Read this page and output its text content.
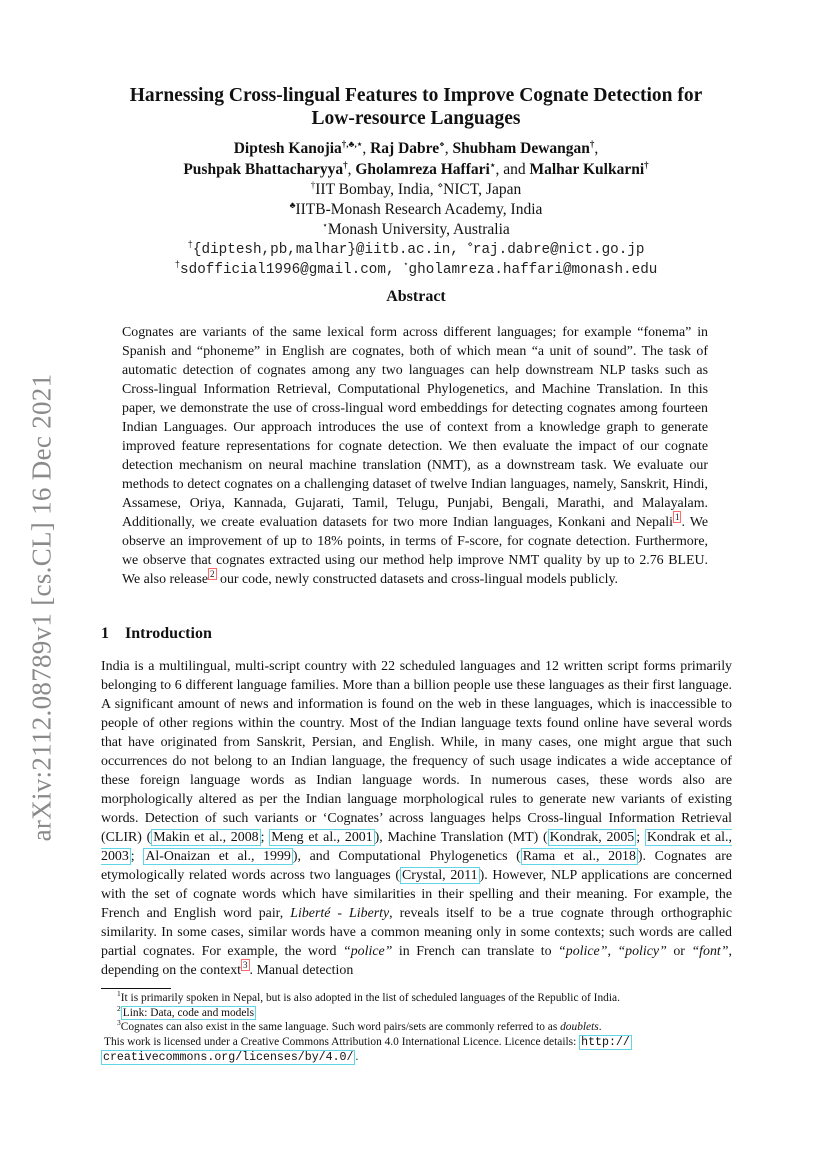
arXiv:2112.08789v1 [cs.CL] 16 Dec 2021
Harnessing Cross-lingual Features to Improve Cognate Detection for
Low-resource Languages
Diptesh Kanojia†,♣,⋆, Raj Dabre⋄, Shubham Dewangan†,
Pushpak Bhattacharyya†, Gholamreza Haffari⋆, and Malhar Kulkarni†
†IIT Bombay, India, ⋄NICT, Japan
♣IITB-Monash Research Academy, India
⋆Monash University, Australia
†{diptesh,pb,malhar}@iitb.ac.in, ⋄raj.dabre@nict.go.jp
†sdofficial1996@gmail.com, ⋆gholamreza.haffari@monash.edu
Abstract

Cognates are variants of the same lexical form across different languages; for example “fonema” in Spanish and “phoneme” in English are cognates, both of which mean “a unit of sound”. The task of automatic detection of cognates among any two languages can help downstream NLP tasks such as Cross-lingual Information Retrieval, Computational Phylogenetics, and Machine Translation. In this paper, we demonstrate the use of cross-lingual word embeddings for detecting cognates among fourteen Indian Languages. Our approach introduces the use of context from a knowledge graph to generate improved feature representations for cognate detection. We then evaluate the impact of our cognate detection mechanism on neural machine translation (NMT), as a downstream task. We evaluate our methods to detect cognates on a challenging dataset of twelve Indian languages, namely, Sanskrit, Hindi, Assamese, Oriya, Kannada, Gujarati, Tamil, Telugu, Punjabi, Bengali, Marathi, and Malayalam. Additionally, we create evaluation datasets for two more Indian languages, Konkani and Nepali $^1$ . We observe an improvement of up to 18% points, in terms of F-score, for cognate detection. Furthermore, we observe that cognates extracted using our method help improve NMT quality by up to 2.76 BLEU. We also release $^2$ our code, newly constructed datasets and cross-lingual models publicly.

1 Introduction

India is a multilingual, multi-script country with 22 scheduled languages and 12 written script forms primarily belonging to 6 different language families. More than a billion people use these languages as their first language. A significant amount of news and information is found on the web in these languages, which is inaccessible to people of other regions within the country. Most of the Indian language texts found online have several words that have originated from Sanskrit, Persian, and English. While, in many cases, one might argue that such occurrences do not belong to an Indian language, the frequency of such usage indicates a wide acceptance of these foreign language words as Indian language words. In numerous cases, these words also are morphologically altered as per the Indian language morphological rules to generate new variants of existing words. Detection of such variants or ‘Cognates’ across languages helps Cross-lingual Information Retrieval (CLIR) ( Makin et al., 2008 ; Meng et al., 2001 ), Machine Translation (MT) ( Kondrak, 2005 ; Kondrak et al., 2003 ; Al-Onaizan et al., 1999 ), and Computational Phylogenetics ( Rama et al., 2018 ). Cognates are etymologically related words across two languages ( Crystal, 2011 ). However, NLP applications are concerned with the set of cognate words which have similarities in their spelling and their meaning. For example, the French and English word pair, Liberté - Liberty, reveals itself to be a true cognate through orthographic similarity. In some cases, similar words have a common meaning only in some contexts; such words are called partial cognates. For example, the word “police” in French can translate to “police”, “policy” or “font”, depending on the context $^3$ . Manual detection

$^1$It is primarily spoken in Nepal, but is also adopted in the list of scheduled languages of the Republic of India.
$^2$ Link: Data, code and models
$^3$Cognates can also exist in the same language. Such word pairs/sets are commonly referred to as doublets.
This work is licensed under a Creative Commons Attribution 4.0 International Licence. Licence details: http://
creativecommons.org/licenses/by/4.0/ .
